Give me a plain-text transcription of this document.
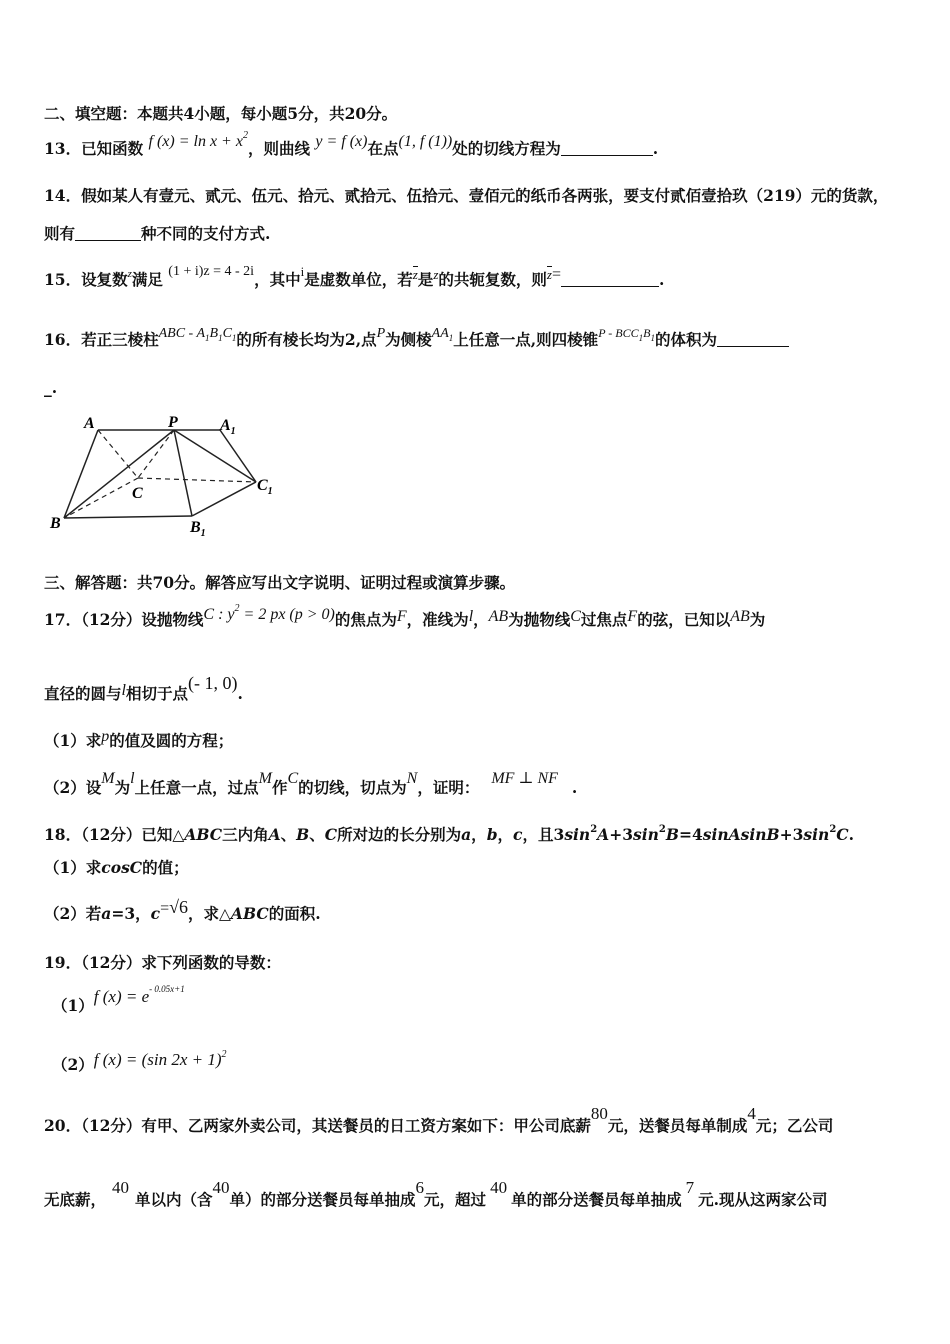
二、填空题：本题共4小题，每小题5分，共20分。
13．已知函数 f $(x) = \ln x + x^2$，则曲线 y = f (x)在点(1, f (1))处的切线方程为	.
14．假如某人有壹元、贰元、伍元、拾元、贰拾元、伍拾元、壹佰元的纸币各两张，要支付贰佰壹拾玖（219）元的货款，
则有	种不同的支付方式.
15．设复数$^z$满足 (1 + i)z = 4 - 2i，其中$^i$是虚数单位，若$^z$是$^z$的共轭复数，则$^z$=	.
16．若正三棱柱ABC - $A_1B_1C_1$的所有棱长均为2,点P为侧棱$AA_1$上任意一点,则四棱锥$^{P - BCC_1B_1}$的体积为
_.
A	P	$A_1$
C	$C_1$
B	$B_1$
三、解答题：共70分。解答应写出文字说明、证明过程或演算步骤。
17．（12分）设抛物线C : $y^2 = 2$ px (p > 0)的焦点为F，准线为l，AB为抛物线C过焦点F的弦，已知以AB为
直径的圆与l相切于点(- 1, 0).
（1）求p的值及圆的方程；
（2）设M为l上任意一点，过点M作C的切线，切点为N，证明： MF ⊥ NF .
18．（12分）已知△ABC三内角A、B、C所对边的长分别为a，b，c，且$3\sin^2A+3\sin^2B=4sinAsinB+3\sin^2C$.
（1）求cosC的值；
（2）若a=3，c=√6，求△ABC的面积.
19．（12分）求下列函数的导数：
（1）f $(x) = e^{- 0.05x+1}$
（2）f (x) = (sin 2x + 1)$^2$
20．（12分）有甲、乙两家外卖公司，其送餐员的日工资方案如下：甲公司底薪80元，送餐员每单制成4元；乙公司
无底薪，40单以内（含40单）的部分送餐员每单抽成6元，超过40单的部分送餐员每单抽成7元.现从这两家公司
